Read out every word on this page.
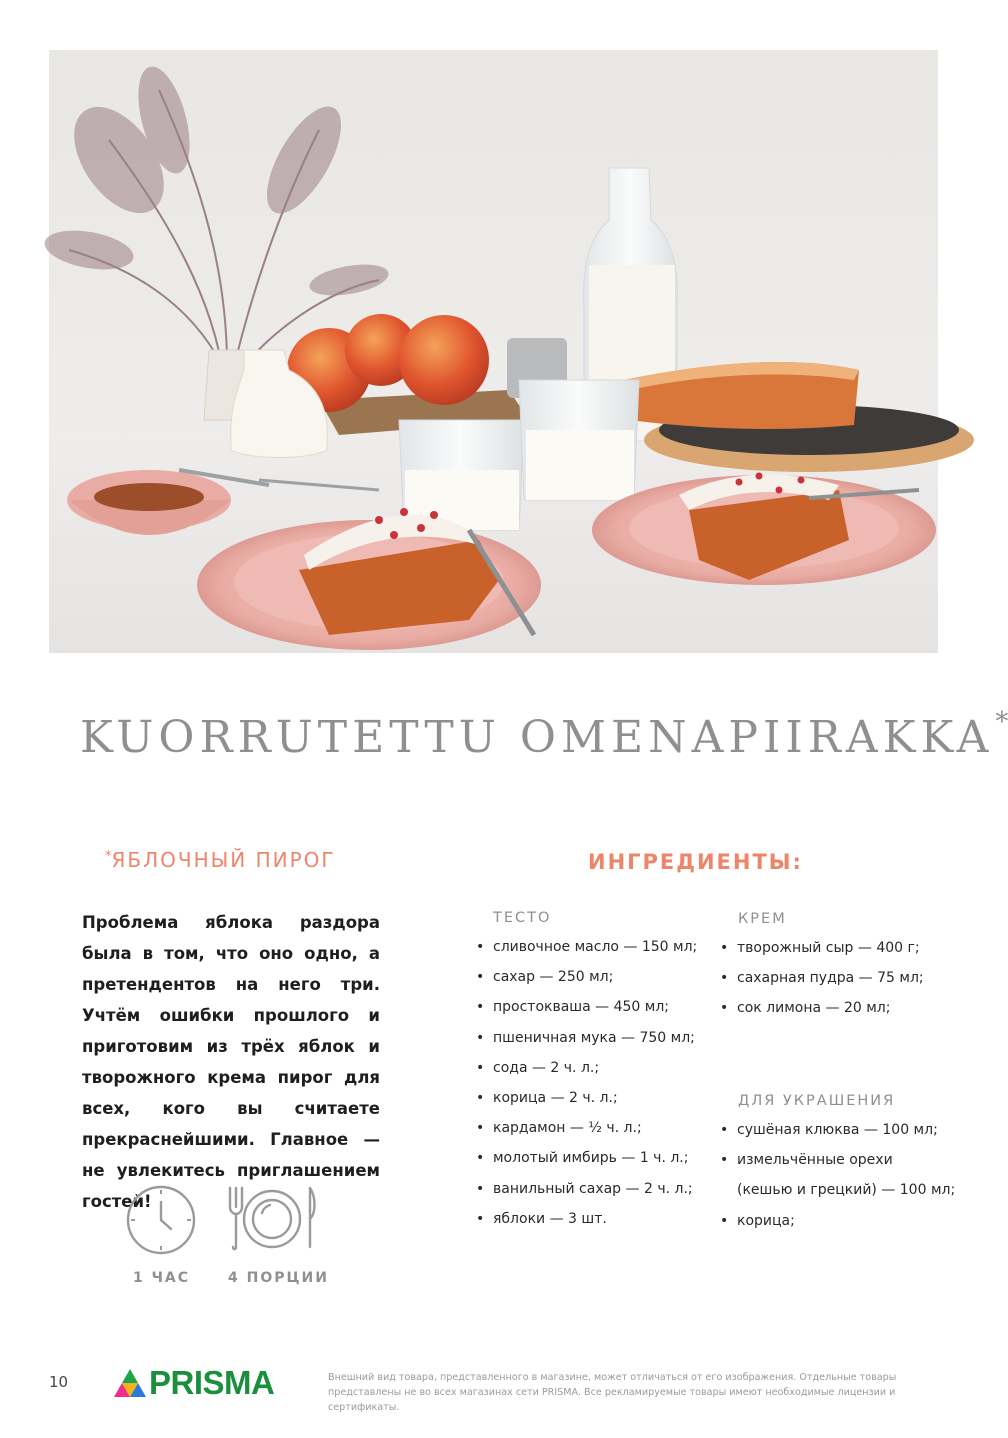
KUORRUTETTU OMENAPIIRAKKA*
*ЯБЛОЧНЫЙ ПИРОГ
Проблема яблока раздора была в том, что оно одно, а претендентов на него три. Учтём ошибки прошлого и приготовим из трёх яблок и творожного крема пирог для всех, кого вы считаете прекраснейшими. Главное — не увлекитесь приглашением гостей!
1 ЧАС	4 ПОРЦИИ
ИНГРЕДИЕНТЫ:
ТЕСТО
• сливочное масло — 150 мл;
• сахар — 250 мл;
• простокваша — 450 мл;
• пшеничная мука — 750 мл;
• сода — 2 ч. л.;
• корица — 2 ч. л.;
• кардамон — ½ ч. л.;
• молотый имбирь — 1 ч. л.;
• ванильный сахар — 2 ч. л.;
• яблоки — 3 шт.
КРЕМ
• творожный сыр — 400 г;
• сахарная пудра — 75 мл;
• сок лимона — 20 мл;
ДЛЯ УКРАШЕНИЯ
• сушёная клюква — 100 мл;
• измельчённые орехи
(кешью и грецкий) — 100 мл;
• корица;
10	PRISMA	Внешний вид товара, представленного в магазине, может отличаться от его изображения. Отдельные товары представлены не во всех магазинах сети PRISMA. Все рекламируемые товары имеют необходимые лицензии и сертификаты.
